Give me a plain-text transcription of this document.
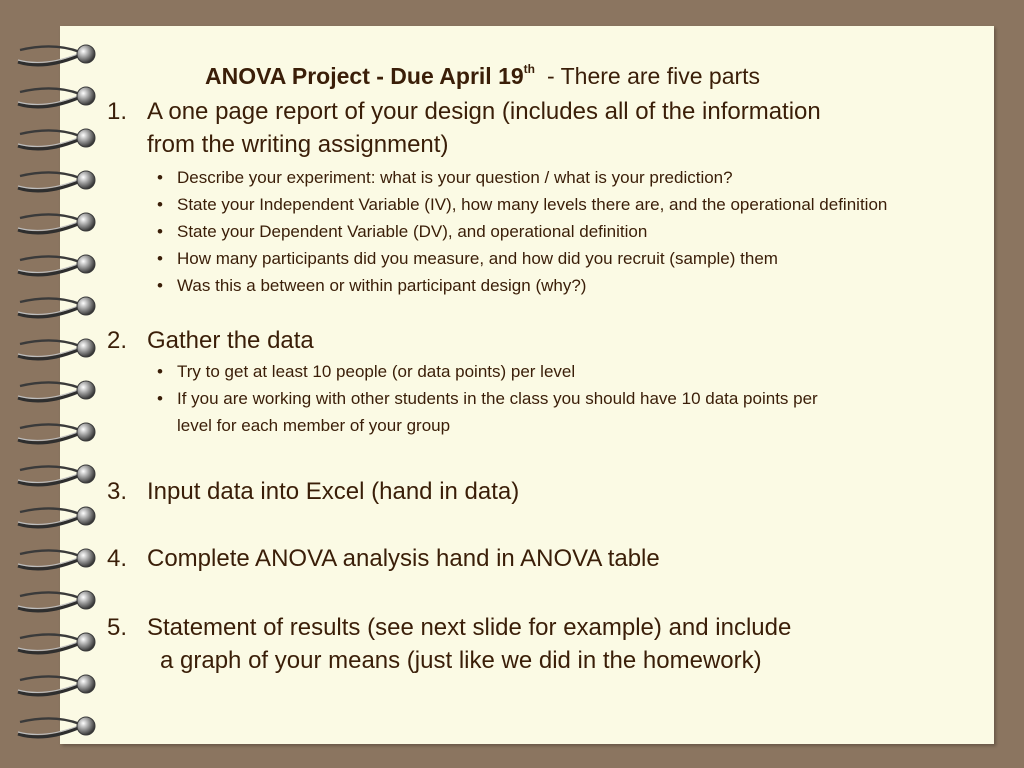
ANOVA Project - Due April 19th - There are five parts
1. A one page report of your design (includes all of the information
from the writing assignment)
• Describe your experiment: what is your question / what is your prediction?
• State your Independent Variable (IV), how many levels there are, and the operational definition
• State your Dependent Variable (DV), and operational definition
• How many participants did you measure, and how did you recruit (sample) them
• Was this a between or within participant design (why?)
2. Gather the data
• Try to get at least 10 people (or data points) per level
• If you are working with other students in the class you should have 10 data points per
level for each member of your group
3. Input data into Excel (hand in data)
4. Complete ANOVA analysis hand in ANOVA table
5. Statement of results (see next slide for example) and include
a graph of your means (just like we did in the homework)
